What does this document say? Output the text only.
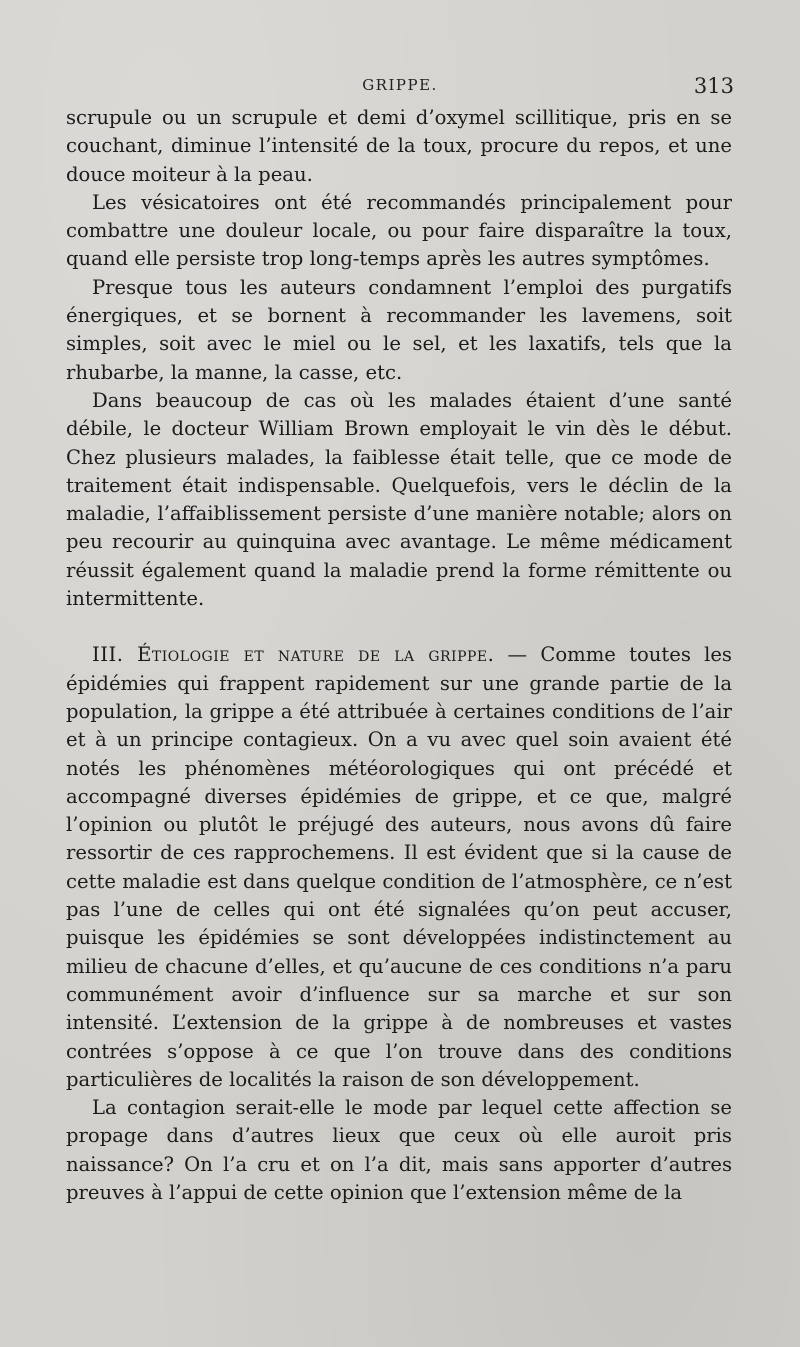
GRIPPE.	313

scrupule ou un scrupule et demi d’oxymel scillitique, pris en se couchant, diminue l’intensité de la toux, procure du repos, et une douce moiteur à la peau.

Les vésicatoires ont été recommandés principalement pour combattre une douleur locale, ou pour faire disparaître la toux, quand elle persiste trop long-temps après les autres symptômes.

Presque tous les auteurs condamnent l’emploi des purgatifs énergiques, et se bornent à recommander les lavemens, soit simples, soit avec le miel ou le sel, et les laxatifs, tels que la rhubarbe, la manne, la casse, etc.

Dans beaucoup de cas où les malades étaient d’une santé débile, le docteur William Brown employait le vin dès le début. Chez plusieurs malades, la faiblesse était telle, que ce mode de traitement était indispensable. Quelquefois, vers le déclin de la maladie, l’affaiblissement persiste d’une manière notable; alors on peu recourir au quinquina avec avantage. Le même médicament réussit également quand la maladie prend la forme rémittente ou intermittente.

III. Étiologie et nature de la grippe. — Comme toutes les épidémies qui frappent rapidement sur une grande partie de la population, la grippe a été attribuée à certaines conditions de l’air et à un principe contagieux. On a vu avec quel soin avaient été notés les phénomènes météorologiques qui ont précédé et accompagné diverses épidémies de grippe, et ce que, malgré l’opinion ou plutôt le préjugé des auteurs, nous avons dû faire ressortir de ces rapprochemens. Il est évident que si la cause de cette maladie est dans quelque condition de l’atmosphère, ce n’est pas l’une de celles qui ont été signalées qu’on peut accuser, puisque les épidémies se sont développées indistinctement au milieu de chacune d’elles, et qu’aucune de ces conditions n’a paru communément avoir d’influence sur sa marche et sur son intensité. L’extension de la grippe à de nombreuses et vastes contrées s’oppose à ce que l’on trouve dans des conditions particulières de localités la raison de son développement.

La contagion serait-elle le mode par lequel cette affection se propage dans d’autres lieux que ceux où elle auroit pris naissance? On l’a cru et on l’a dit, mais sans apporter d’autres preuves à l’appui de cette opinion que l’extension même de la
